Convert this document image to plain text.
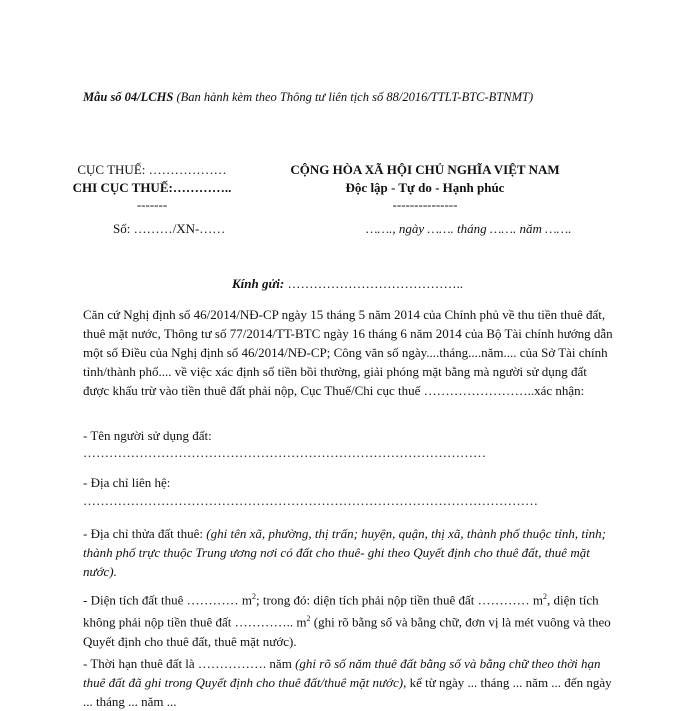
Mẫu số 04/LCHS (Ban hành kèm theo Thông tư liên tịch số 88/2016/TTLT-BTC-BTNMT)
CỤC THUẾ: ………………
CHI CỤC THUẾ:…………..
-------
Số: ………/XN-……
CỘNG HÒA XÃ HỘI CHỦ NGHĨA VIỆT NAM
Độc lập - Tự do - Hạnh phúc
---------------
……., ngày ……. tháng ……. năm …….
Kính gửi: …………………………………..

Căn cứ Nghị định số 46/2014/NĐ-CP ngày 15 tháng 5 năm 2014 của Chính phủ về thu tiền thuê đất, thuê mặt nước, Thông tư số 77/2014/TT-BTC ngày 16 tháng 6 năm 2014 của Bộ Tài chính hướng dẫn một số Điều của Nghị định số 46/2014/NĐ-CP; Công văn số ngày....tháng....năm.... của Sở Tài chính tỉnh/thành phố.... về việc xác định số tiền bồi thường, giải phóng mặt bằng mà người sử dụng đất được khấu trừ vào tiền thuê đất phải nộp, Cục Thuế/Chi cục thuế ……………………..xác nhận:

- Tên người sử dụng đất:
…………………………………………………………………………………
- Địa chỉ liên hệ:
……………………………………………………………………………………………

- Địa chỉ thửa đất thuê: (ghi tên xã, phường, thị trấn; huyện, quận, thị xã, thành phố thuộc tỉnh, tỉnh; thành phố trực thuộc Trung ương nơi có đất cho thuê- ghi theo Quyết định cho thuê đất, thuê mặt nước).

- Diện tích đất thuê ………… $m^2$; trong đó: diện tích phải nộp tiền thuê đất ………… $m^2$, diện tích không phải nộp tiền thuê đất ………….. $m^2$ (ghi rõ bằng số và bằng chữ, đơn vị là mét vuông và theo Quyết định cho thuê đất, thuê mặt nước).

- Thời hạn thuê đất là ……………. năm (ghi rõ số năm thuê đất bằng số và bằng chữ theo thời hạn thuê đất đã ghi trong Quyết định cho thuê đất/thuê mặt nước), kể từ ngày ... tháng ... năm ... đến ngày ... tháng ... năm ...
